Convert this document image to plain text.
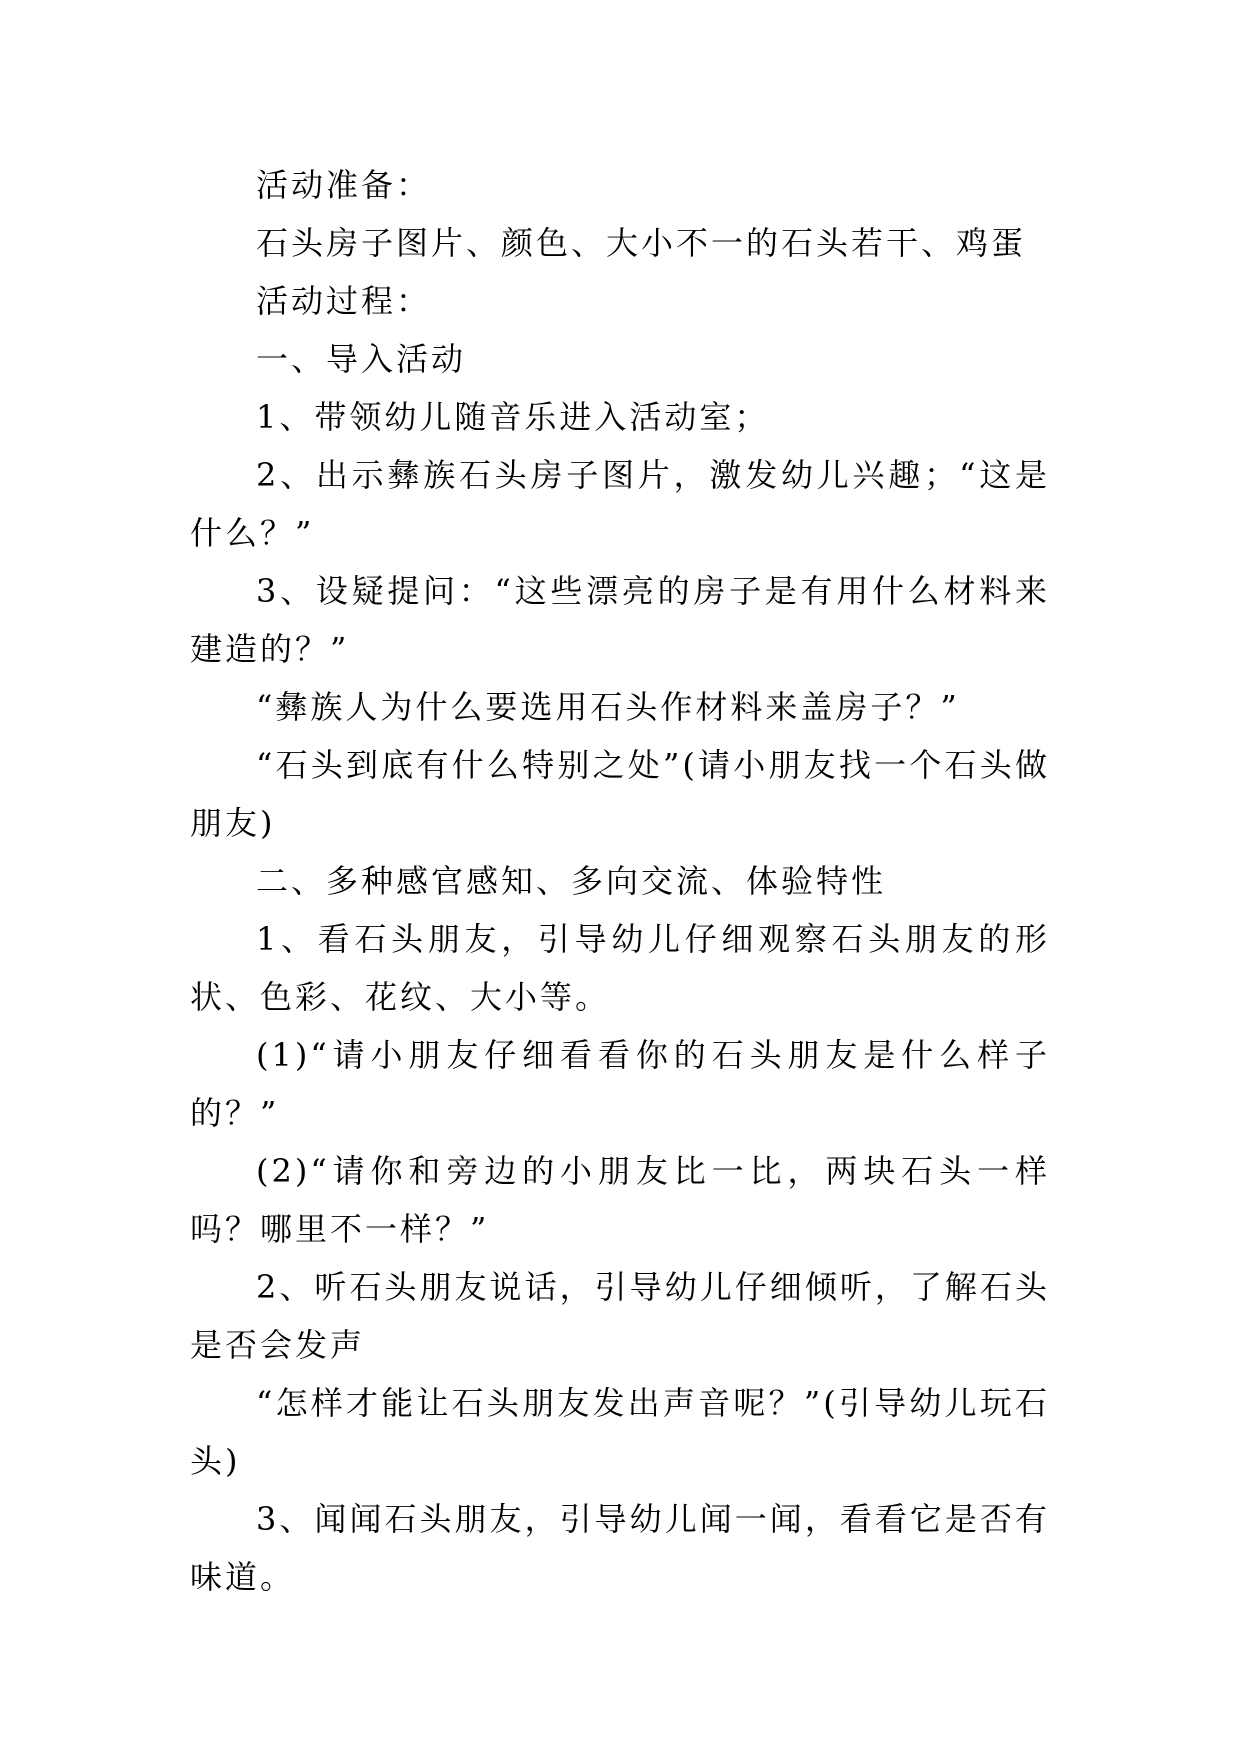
活动准备：

石头房子图片、颜色、大小不一的石头若干、鸡蛋

活动过程：

一、导入活动

1、带领幼儿随音乐进入活动室；

2、出示彝族石头房子图片，激发幼儿兴趣；“这是什么？”

3、设疑提问：“这些漂亮的房子是有用什么材料来建造的？”

“彝族人为什么要选用石头作材料来盖房子？”

“石头到底有什么特别之处”(请小朋友找一个石头做朋友)

二、多种感官感知、多向交流、体验特性

1、看石头朋友，引导幼儿仔细观察石头朋友的形状、色彩、花纹、大小等。

(1)“请小朋友仔细看看你的石头朋友是什么样子的？”

(2)“请你和旁边的小朋友比一比，两块石头一样吗？哪里不一样？”

2、听石头朋友说话，引导幼儿仔细倾听，了解石头是否会发声

“怎样才能让石头朋友发出声音呢？”(引导幼儿玩石头)

3、闻闻石头朋友，引导幼儿闻一闻，看看它是否有味道。
